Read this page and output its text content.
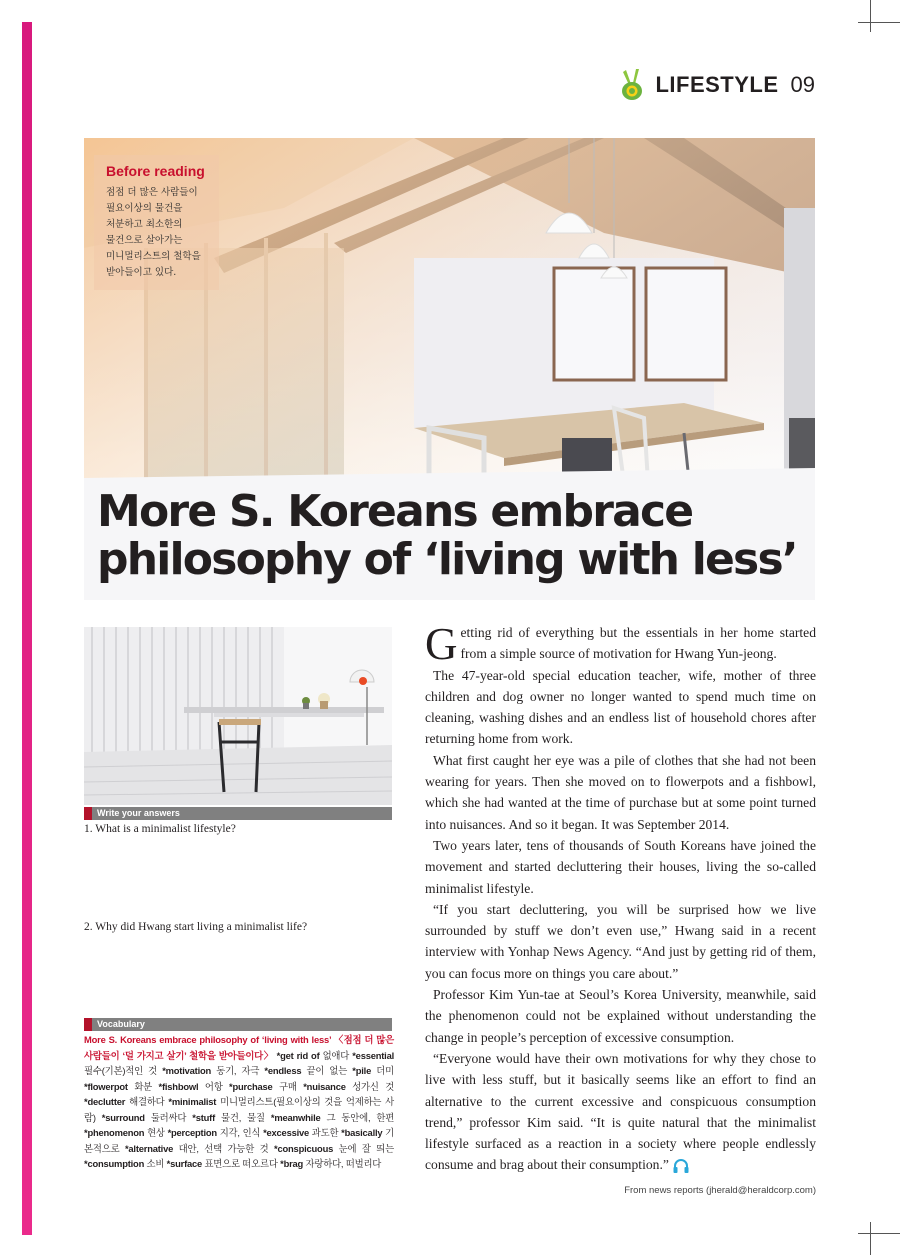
LIFESTYLE 09
Before reading
점점 더 많은 사람들이
필요이상의 물건을
처분하고 최소한의
물건으로 살아가는
미니멀리스트의 철학을
받아들이고 있다.
More S. Koreans embrace
philosophy of ‘living with less’
Write your answers
1. What is a minimalist lifestyle?
2. Why did Hwang start living a minimalist life?
Vocabulary
More S. Koreans embrace philosophy of ‘living with less’ 〈점점 더 많은 사람들이 ‘덜 가지고 살기’ 철학을 받아들이다〉 *get rid of 없애다 *essential 필수(기본)적인 것 *motivation 동기, 자극 *endless 끝이 없는 *pile 더미 *flowerpot 화분 *fishbowl 어항 *purchase 구매 *nuisance 성가신 것 *declutter 해결하다 *minimalist 미니멀리스트(필요이상의 것을 억제하는 사람) *surround 둘러싸다 *stuff 물건, 물질 *meanwhile 그 동안에, 한편 *phenomenon 현상 *perception 지각, 인식 *excessive 과도한 *basically 기본적으로 *alternative 대안, 선택 가능한 것 *conspicuous 눈에 잘 띄는 *consumption 소비 *surface 표면으로 떠오르다 *brag 자랑하다, 떠벌리다

Getting rid of everything but the essentials in her home started from a simple source of motivation for Hwang Yun-jeong.

The 47-year-old special education teacher, wife, mother of three children and dog owner no longer wanted to spend much time on cleaning, washing dishes and an endless list of household chores after returning home from work.

What first caught her eye was a pile of clothes that she had not been wearing for years. Then she moved on to flowerpots and a fishbowl, which she had wanted at the time of purchase but at some point turned into nuisances. And so it began. It was September 2014.

Two years later, tens of thousands of South Koreans have joined the movement and started decluttering their houses, living the so-called minimalist lifestyle.

“If you start decluttering, you will be surprised how we live surrounded by stuff we don’t even use,” Hwang said in a recent interview with Yonhap News Agency. “And just by getting rid of them, you can focus more on things you care about.”

Professor Kim Yun-tae at Seoul’s Korea University, meanwhile, said the phenomenon could not be explained without understanding the change in people’s perception of excessive consumption.

“Everyone would have their own motivations for why they chose to live with less stuff, but it basically seems like an effort to find an alternative to the current excessive and conspicuous consumption trend,” professor Kim said. “It is quite natural that the minimalist lifestyle surfaced as a reaction in a society where people endlessly consume and brag about their consumption.”
From news reports (jherald@heraldcorp.com)
